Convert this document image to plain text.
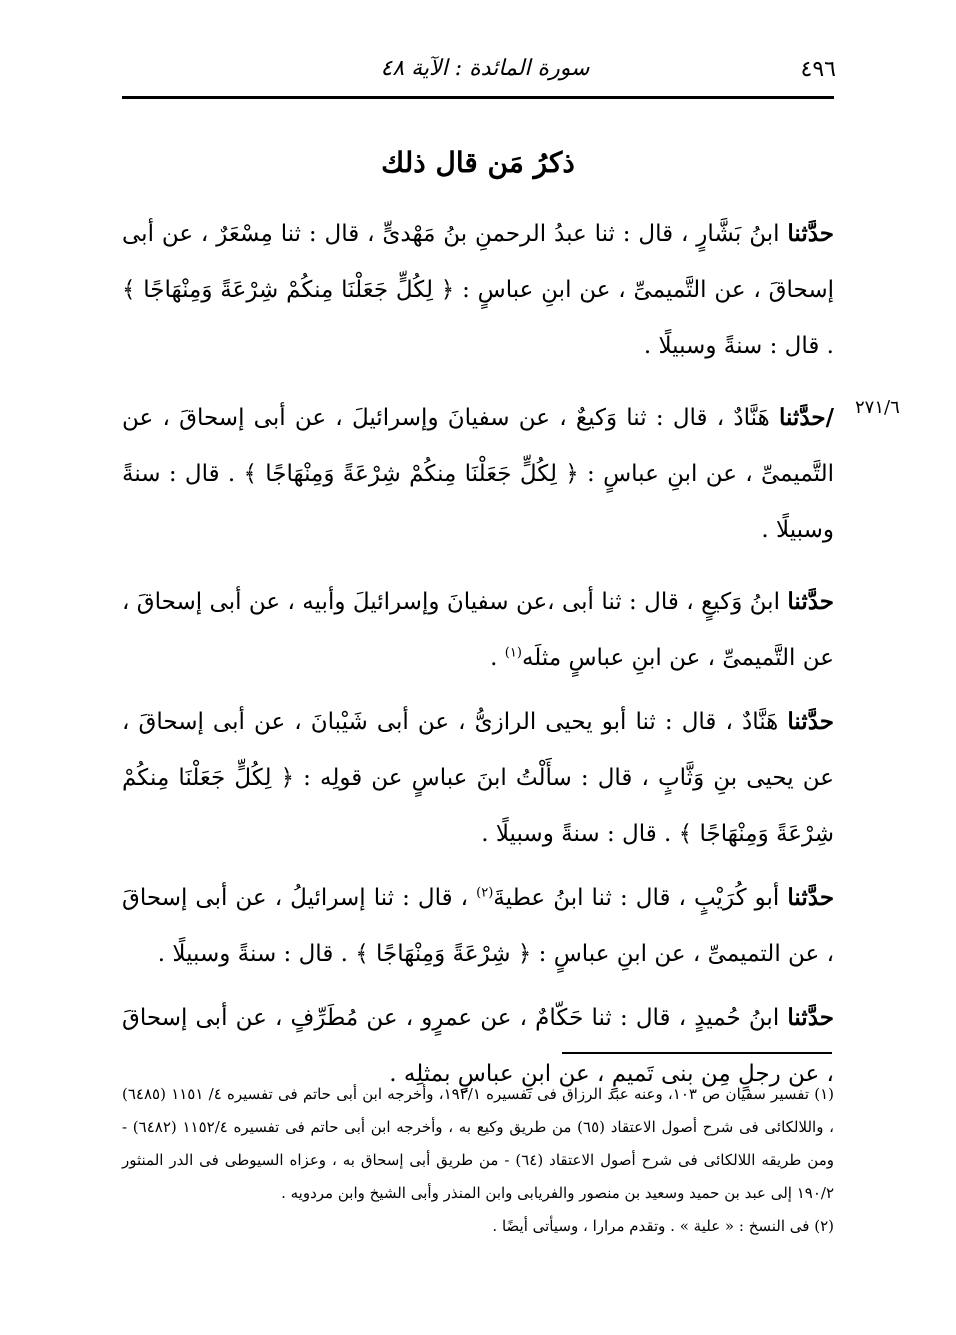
٤٩٦
سورة المائدة : الآية ٤٨
ذكرُ مَن قال ذلك
٢٧١/٦

حدَّثنا ابنُ بَشَّارٍ ، قال : ثنا عبدُ الرحمنِ بنُ مَهْدىٍّ ، قال : ثنا مِسْعَرٌ ، عن أبى إسحاقَ ، عن التَّميمىِّ ، عن ابنِ عباسٍ : ﴿ لِكُلٍّ جَعَلْنَا مِنكُمْ شِرْعَةً وَمِنْهَاجًا ﴾ . قال : سنةً وسبيلًا .

/حدَّثنا هَنَّادٌ ، قال : ثنا وَكيعٌ ، عن سفيانَ وإسرائيلَ ، عن أبى إسحاقَ ، عن التَّميمىِّ ، عن ابنِ عباسٍ : ﴿ لِكُلٍّ جَعَلْنَا مِنكُمْ شِرْعَةً وَمِنْهَاجًا ﴾ . قال : سنةً وسبيلًا .

حدَّثنا ابنُ وَكيعٍ ، قال : ثنا أبى ،عن سفيانَ وإسرائيلَ وأبيه ، عن أبى إسحاقَ ، عن التَّميمىِّ ، عن ابنِ عباسٍ مثلَه$^{(١)}$ .

حدَّثنا هَنَّادٌ ، قال : ثنا أبو يحيى الرازىُّ ، عن أبى شَيْبانَ ، عن أبى إسحاقَ ، عن يحيى بنِ وَثَّابٍ ، قال : سأَلْتُ ابنَ عباسٍ عن قولِه : ﴿ لِكُلٍّ جَعَلْنَا مِنكُمْ شِرْعَةً وَمِنْهَاجًا ﴾ . قال : سنةً وسبيلًا .

حدَّثنا أبو كُرَيْبٍ ، قال : ثنا ابنُ عطيةَ$^{(٢)}$ ، قال : ثنا إسرائيلُ ، عن أبى إسحاقَ ، عن التميمىِّ ، عن ابنِ عباسٍ : ﴿ شِرْعَةً وَمِنْهَاجًا ﴾ . قال : سنةً وسبيلًا .

حدَّثنا ابنُ حُميدٍ ، قال : ثنا حَكّامٌ ، عن عمرٍو ، عن مُطَرِّفٍ ، عن أبى إسحاقَ ، عن رجلٍ مِن بنى تَميمٍ ، عن ابنِ عباسٍ بمثلِه .

(١) تفسير سفيان ص ١٠٣، وعنه عبد الرزاق فى تفسيره ١٩٢/١، وأخرجه ابن أبى حاتم فى تفسيره ٤/ ١١٥١ (٦٤٨٥) ، واللالكائى فى شرح أصول الاعتقاد (٦٥) من طريق وكيع به ، وأخرجه ابن أبى حاتم فى تفسيره ١١٥٢/٤ (٦٤٨٢) - ومن طريقه اللالكائى فى شرح أصول الاعتقاد (٦٤) - من طريق أبى إسحاق به ، وعزاه السيوطى فى الدر المنثور ١٩٠/٢ إلى عبد بن حميد وسعيد بن منصور والفريابى وابن المنذر وأبى الشيخ وابن مردويه .

(٢) فى النسخ : « علية » . وتقدم مرارا ، وسيأتى أيضًا .
